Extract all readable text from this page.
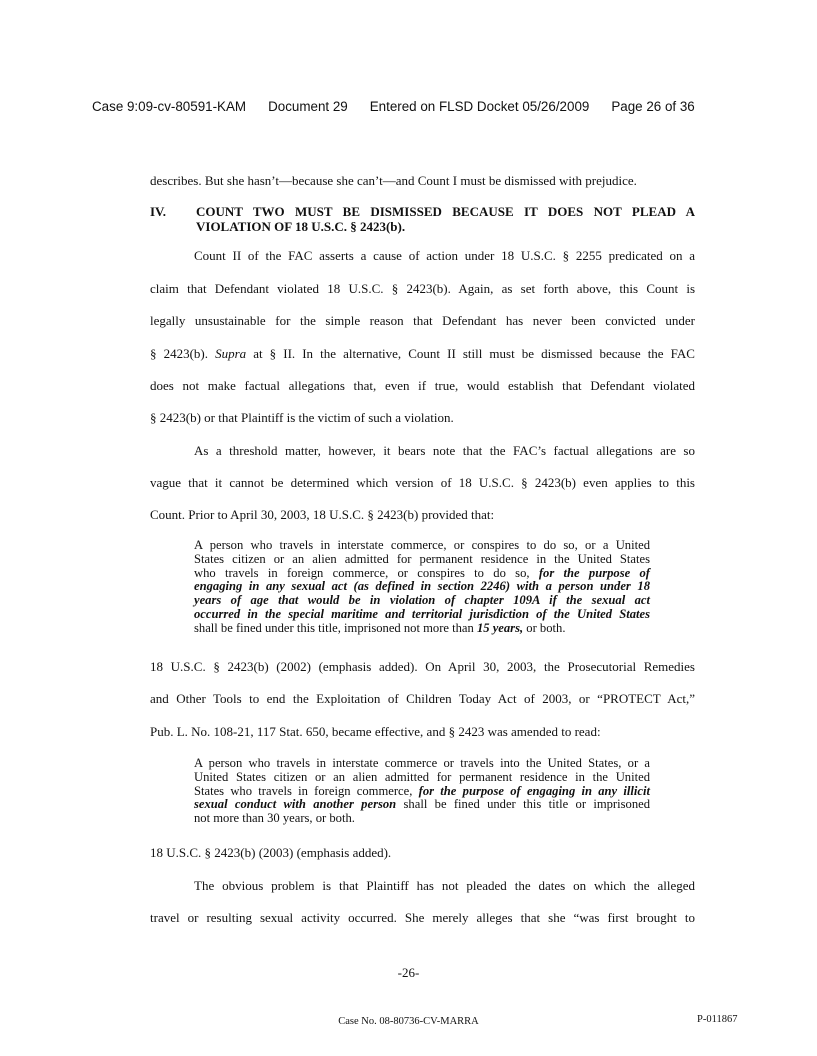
Case 9:09-cv-80591-KAM Document 29 Entered on FLSD Docket 05/26/2009 Page 26 of 36
describes. But she hasn’t—because she can’t—and Count I must be dismissed with prejudice.
IV. COUNT TWO MUST BE DISMISSED BECAUSE IT DOES NOT PLEAD A
VIOLATION OF 18 U.S.C. § 2423(b).
Count II of the FAC asserts a cause of action under 18 U.S.C. § 2255 predicated on a
claim that Defendant violated 18 U.S.C. § 2423(b). Again, as set forth above, this Count is
legally unsustainable for the simple reason that Defendant has never been convicted under
§ 2423(b). Supra at § II. In the alternative, Count II still must be dismissed because the FAC
does not make factual allegations that, even if true, would establish that Defendant violated
§ 2423(b) or that Plaintiff is the victim of such a violation.
As a threshold matter, however, it bears note that the FAC’s factual allegations are so
vague that it cannot be determined which version of 18 U.S.C. § 2423(b) even applies to this
Count. Prior to April 30, 2003, 18 U.S.C. § 2423(b) provided that:
A person who travels in interstate commerce, or conspires to do so, or a United
States citizen or an alien admitted for permanent residence in the United States
who travels in foreign commerce, or conspires to do so, for the purpose of
engaging in any sexual act (as defined in section 2246) with a person under 18
years of age that would be in violation of chapter 109A if the sexual act
occurred in the special maritime and territorial jurisdiction of the United States
shall be fined under this title, imprisoned not more than 15 years, or both.
18 U.S.C. § 2423(b) (2002) (emphasis added). On April 30, 2003, the Prosecutorial Remedies
and Other Tools to end the Exploitation of Children Today Act of 2003, or “PROTECT Act,”
Pub. L. No. 108-21, 117 Stat. 650, became effective, and § 2423 was amended to read:
A person who travels in interstate commerce or travels into the United States, or a
United States citizen or an alien admitted for permanent residence in the United
States who travels in foreign commerce, for the purpose of engaging in any illicit
sexual conduct with another person shall be fined under this title or imprisoned
not more than 30 years, or both.
18 U.S.C. § 2423(b) (2003) (emphasis added).
The obvious problem is that Plaintiff has not pleaded the dates on which the alleged
travel or resulting sexual activity occurred. She merely alleges that she “was first brought to
-26-
Case No. 08-80736-CV-MARRA	P-011867
